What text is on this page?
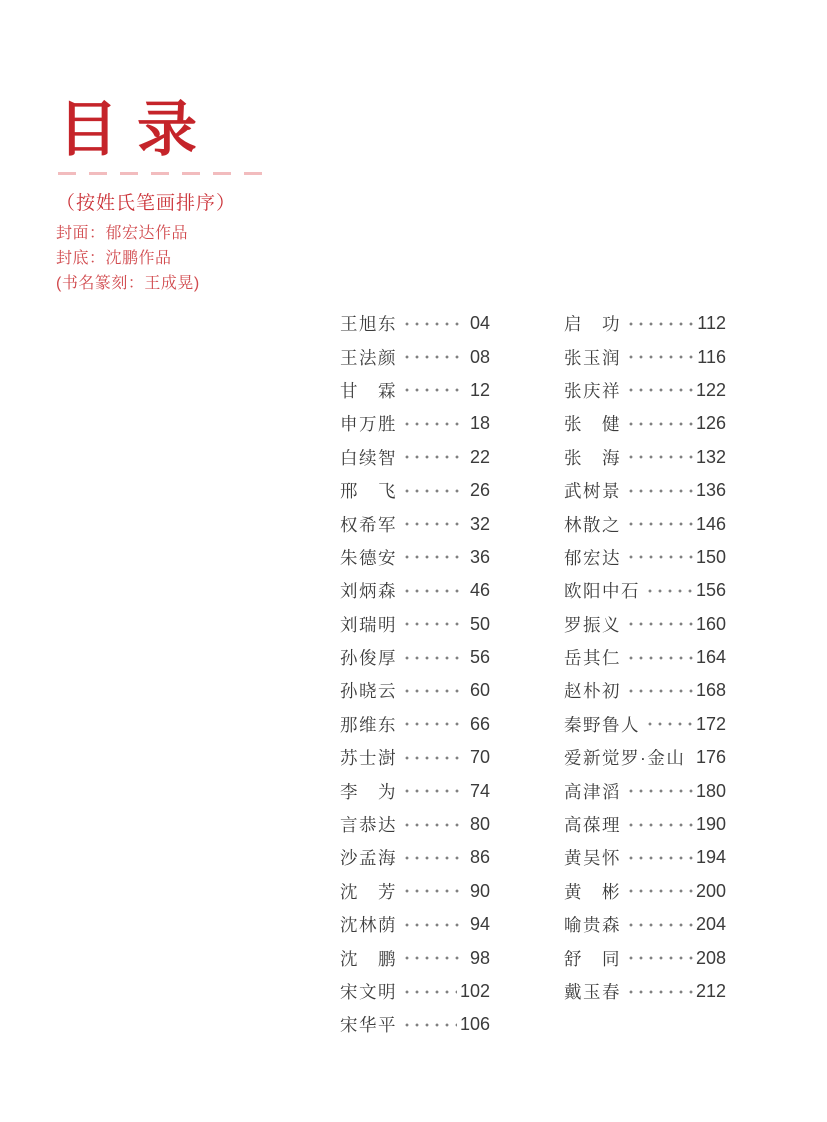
目 录
（按姓氏笔画排序）
封面：郁宏达作品
封底：沈鹏作品
(书名篆刻：王成晃)
王旭东	04
王法颜	08
甘　霖	12
申万胜	18
白续智	22
邢　飞	26
权希军	32
朱德安	36
刘炳森	46
刘瑞明	50
孙俊厚	56
孙晓云	60
那维东	66
苏士澍	70
李　为	74
言恭达	80
沙孟海	86
沈　芳	90
沈林荫	94
沈　鹏	98
宋文明	102
宋华平	106
启　功	112
张玉润	116
张庆祥	122
张　健	126
张　海	132
武树景	136
林散之	146
郁宏达	150
欧阳中石	156
罗振义	160
岳其仁	164
赵朴初	168
秦野鲁人	172
爱新觉罗·金山 176
高津滔	180
高葆理	190
黄吴怀	194
黄　彬	200
喻贵森	204
舒　同	208
戴玉春	212
